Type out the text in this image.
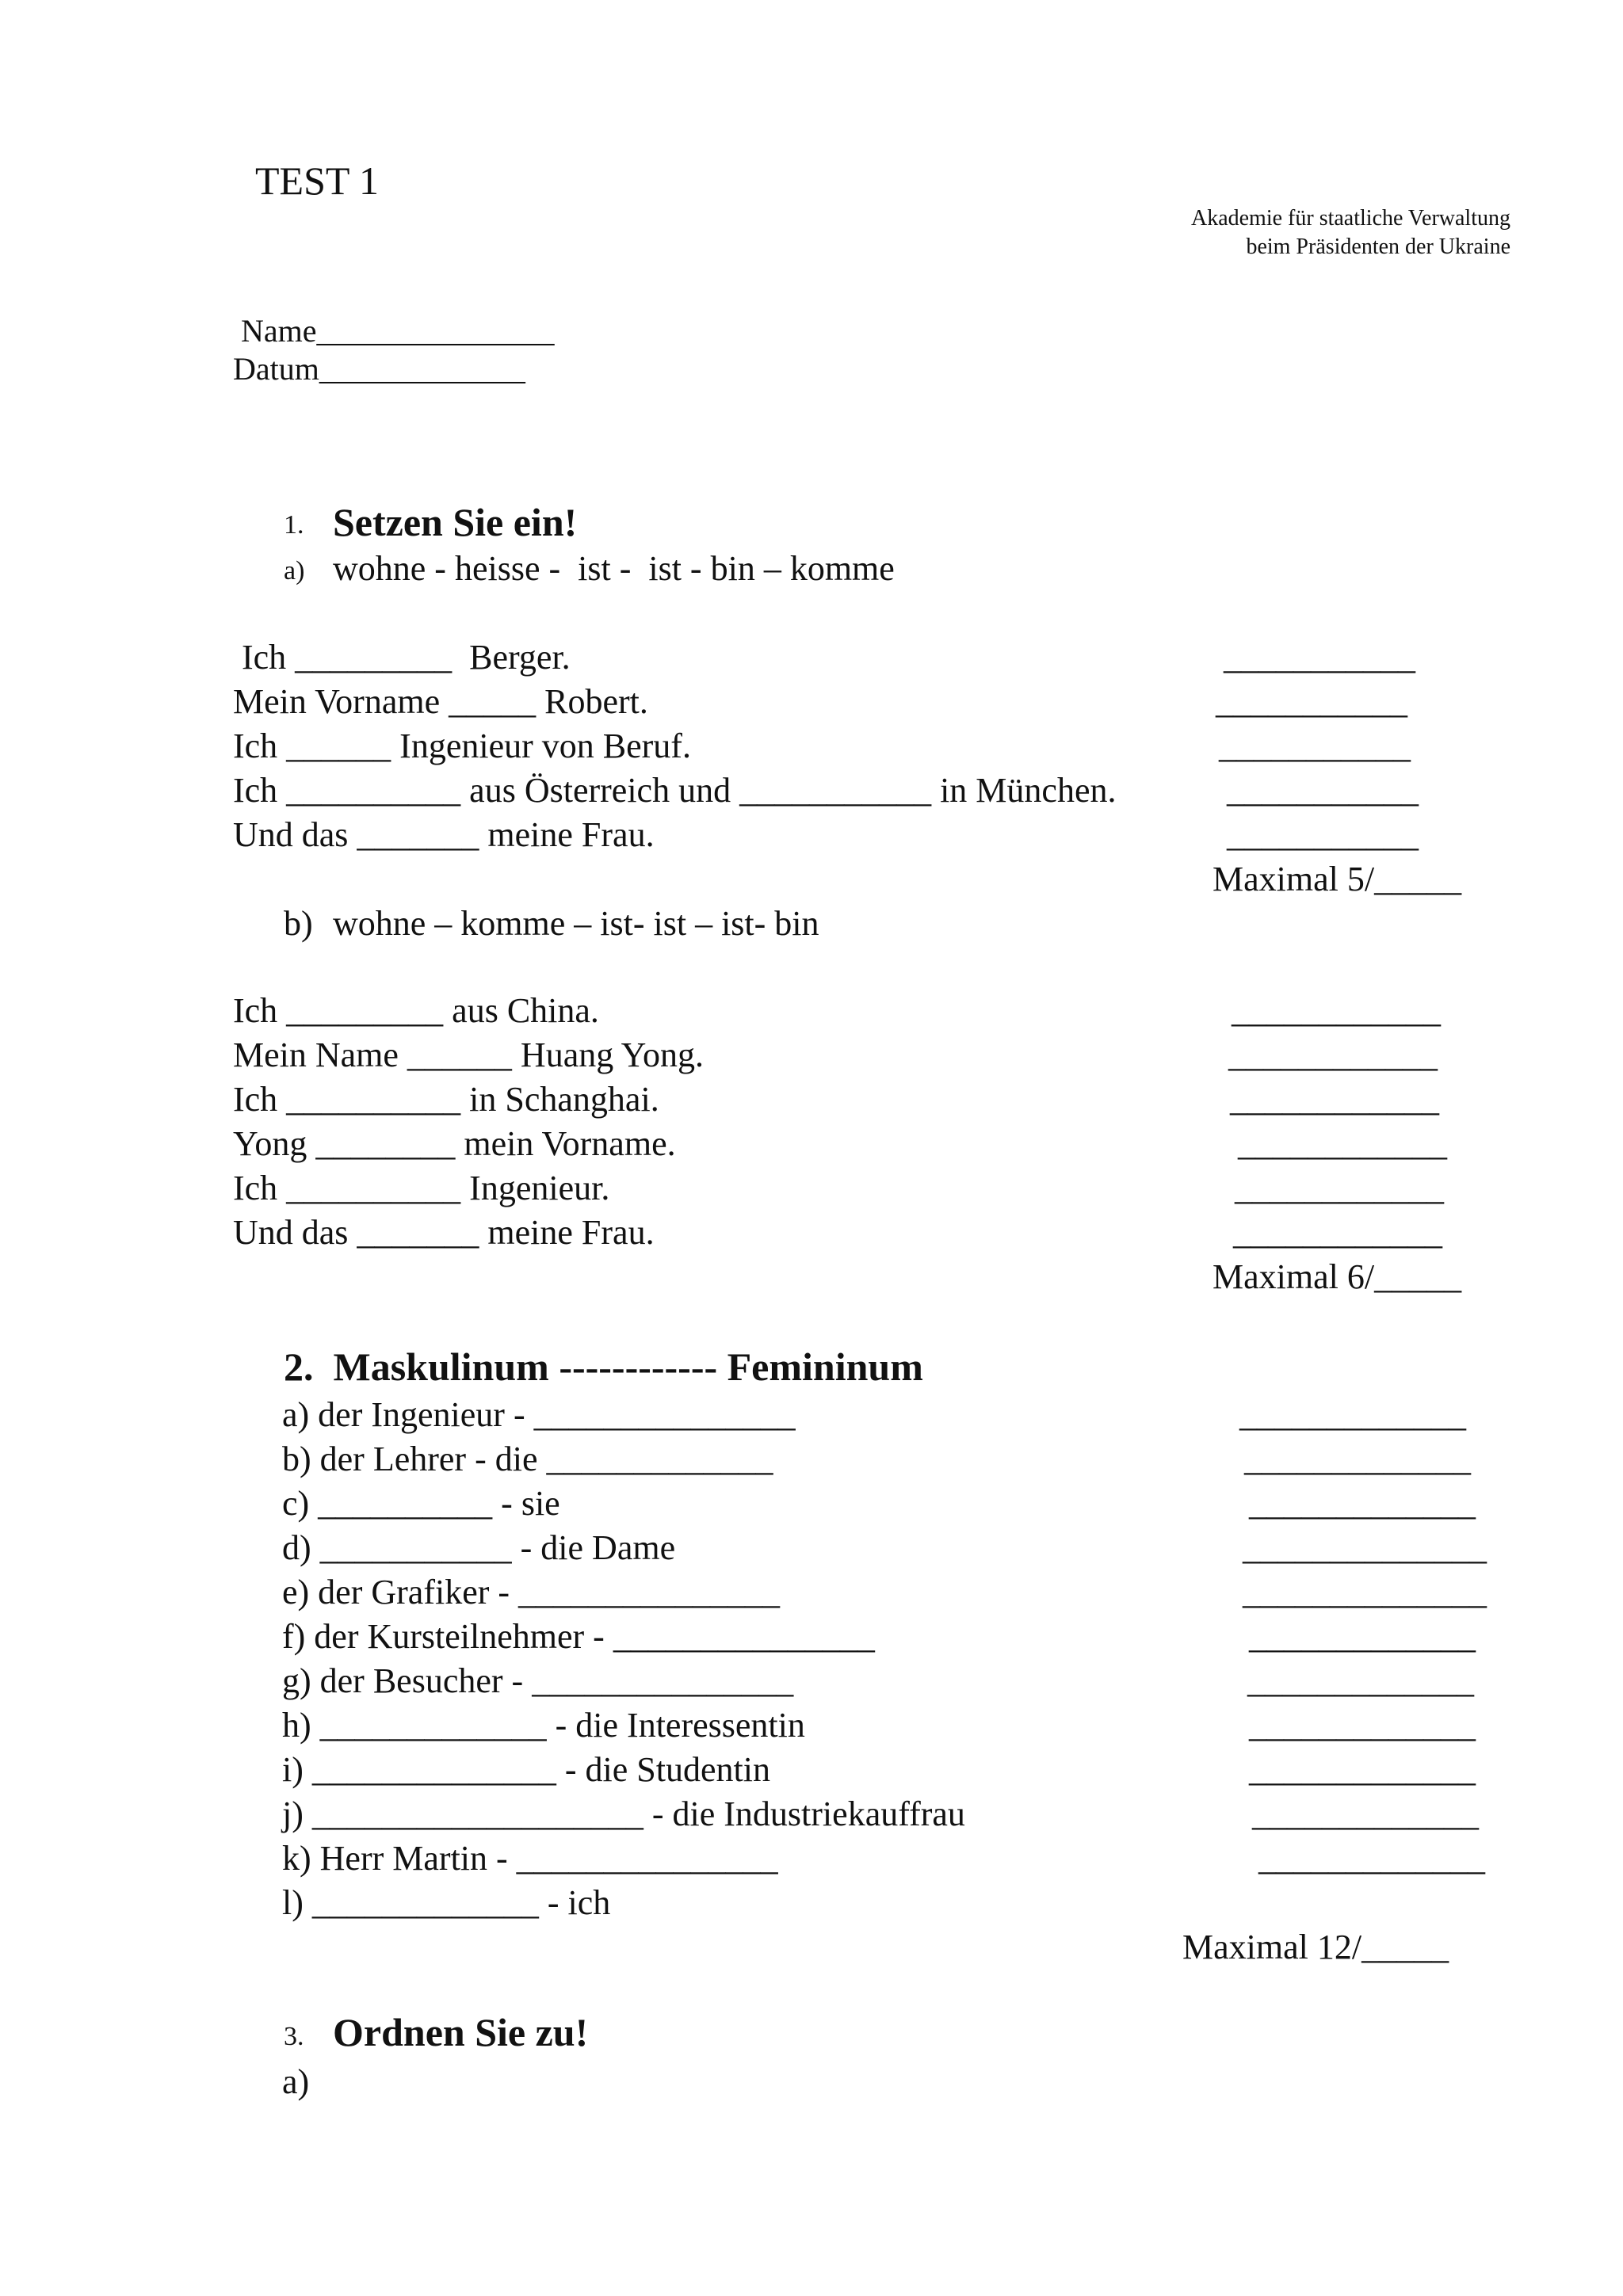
TEST 1
Akademie für staatliche Verwaltung
beim Präsidenten der Ukraine
Name_______________
Datum_____________
1. Setzen Sie ein!
a) wohne - heisse -  ist -  ist - bin – komme
Ich _________  Berger.
Mein Vorname _____ Robert.
Ich ______ Ingenieur von Beruf.
Ich __________ aus Österreich und ___________ in München.
Und das _______ meine Frau.
___________
___________
___________
___________
___________
Maximal 5/_____
b) wohne – komme – ist- ist – ist- bin
Ich _________ aus China.
Mein Name ______ Huang Yong.
Ich __________ in Schanghai.
Yong ________ mein Vorname.
Ich __________ Ingenieur.
Und das _______ meine Frau.
____________
____________
____________
____________
____________
____________
Maximal 6/_____
2.  Maskulinum ------------ Femininum
a) der Ingenieur - _______________
b) der Lehrer - die _____________
c) __________ - sie
d) ___________ - die Dame
e) der Grafiker - _______________
f) der Kursteilnehmer - _______________
g) der Besucher - _______________
h) _____________ - die Interessentin
i) ______________ - die Studentin
j) ___________________ - die Industriekauffrau
k) Herr Martin - _______________
l) _____________ - ich
_____________
_____________
_____________
______________
______________
_____________
_____________
_____________
_____________
_____________
_____________
Maximal 12/_____
3. Ordnen Sie zu!
a)
